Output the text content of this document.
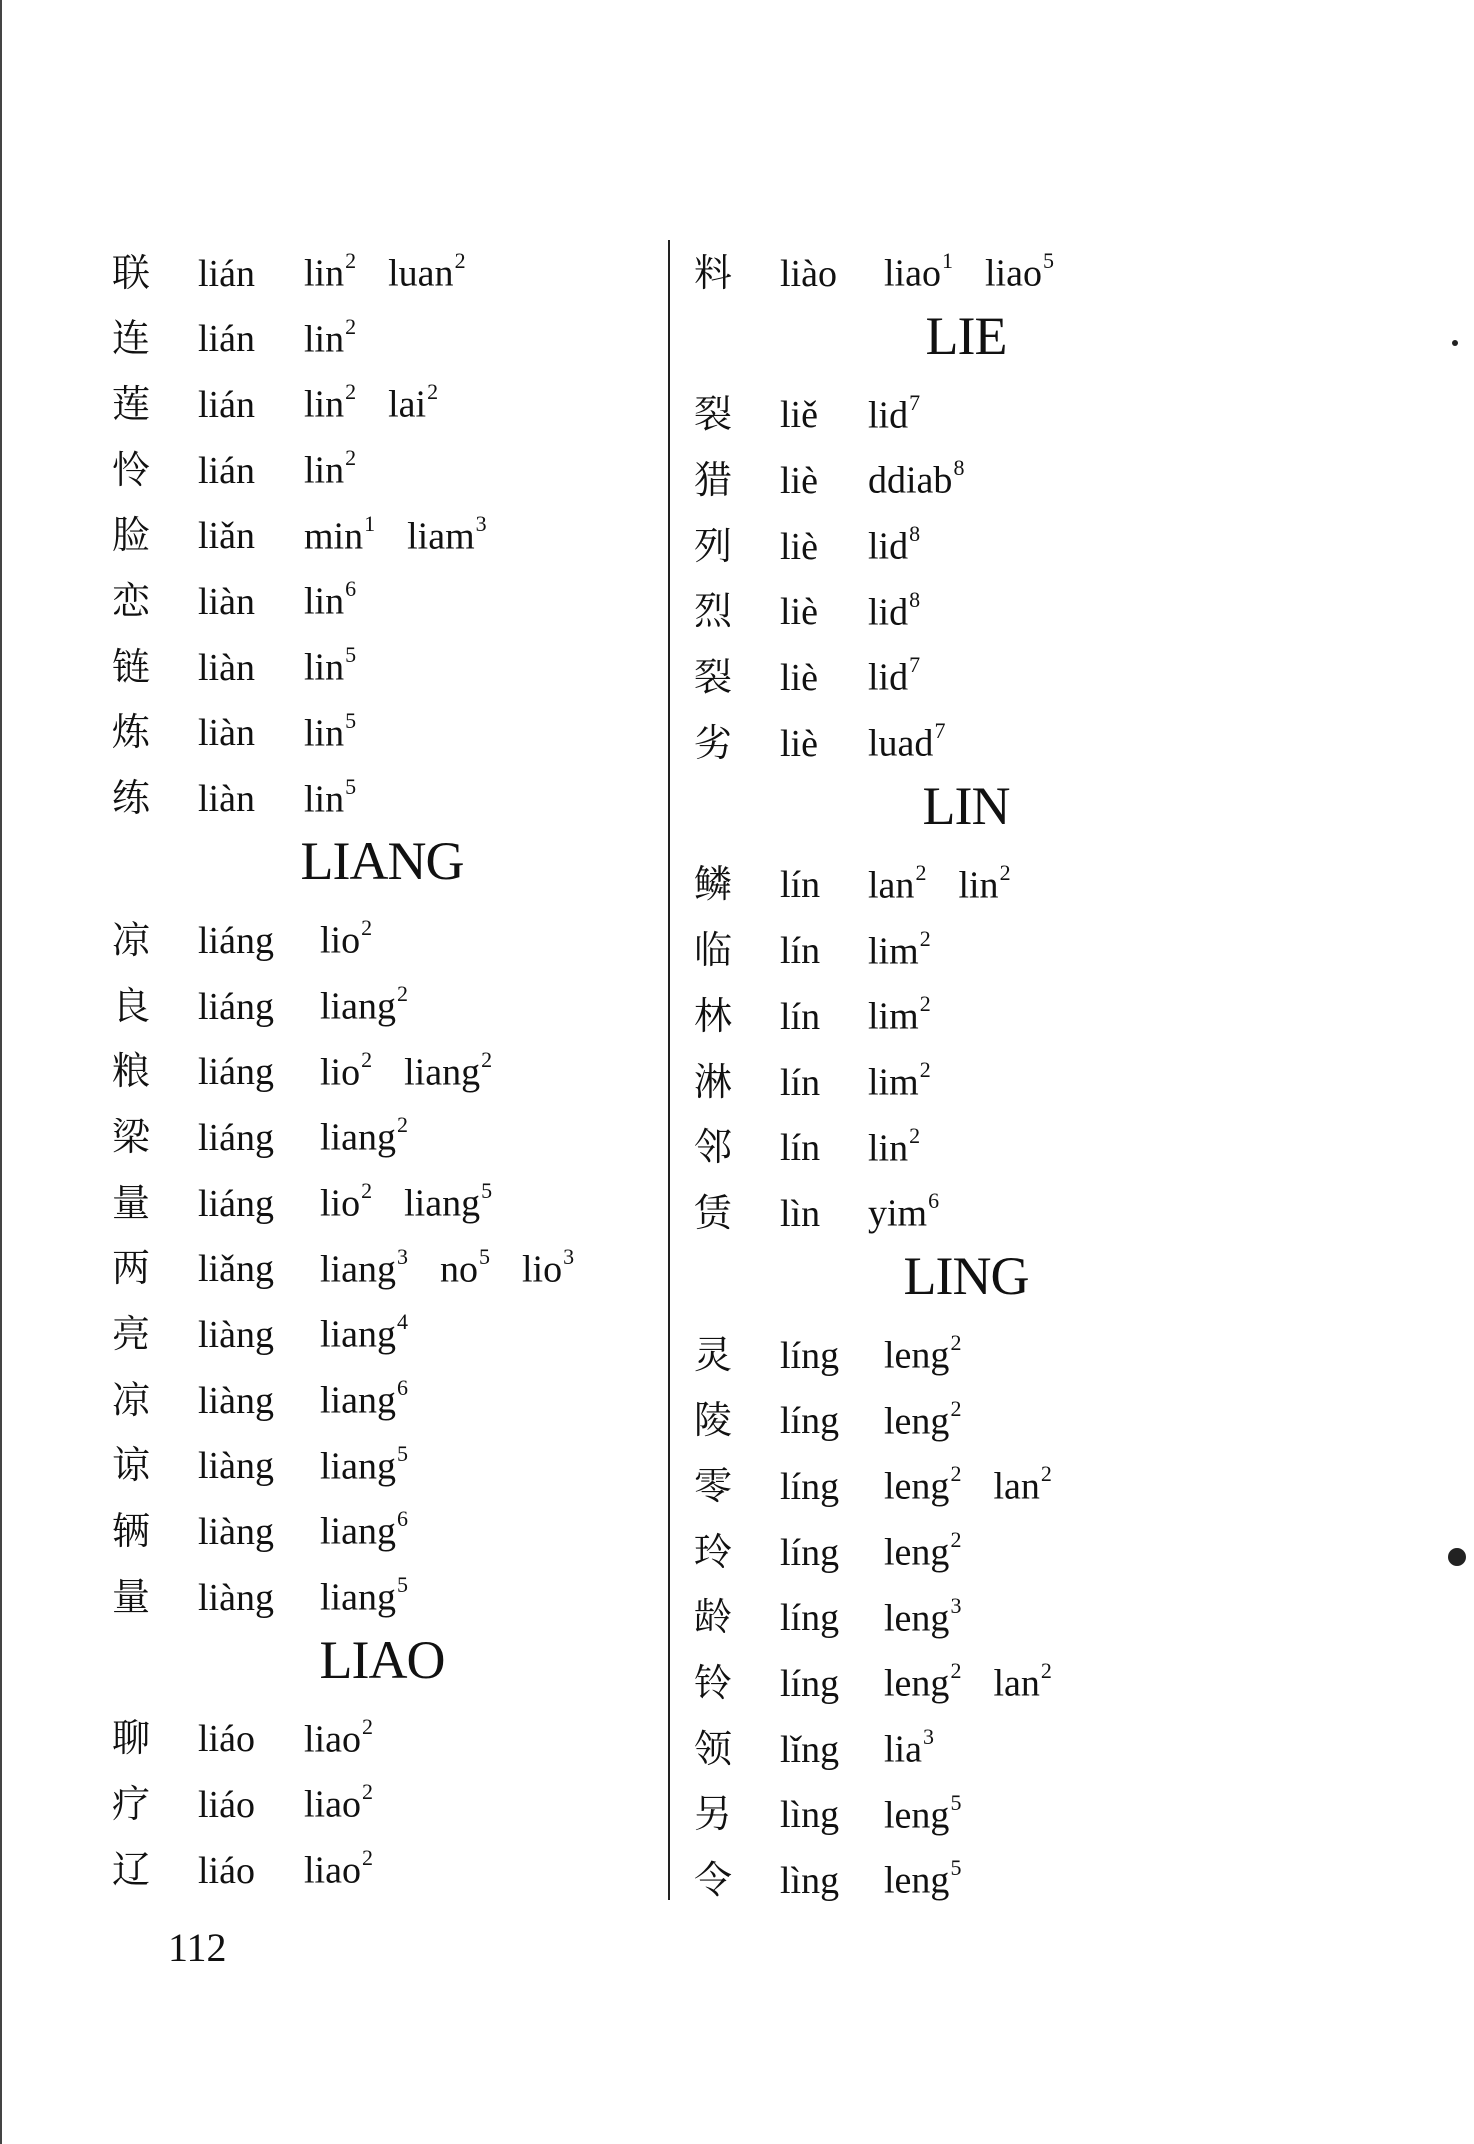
联	lián	lin$^2$ luan$^2$
连	lián	lin$^2$
莲	lián	lin$^2$ lai$^2$
怜	lián	lin$^2$
脸	liǎn	$\min^1$ liam$^3$
恋	liàn	lin$^6$
链	liàn	lin$^5$
炼	liàn	lin$^5$
练	liàn	lin$^5$
LIANG
凉	liáng	lio$^2$
良	liáng	liang$^2$
粮	liáng	lio$^2$ liang$^2$
梁	liáng	liang$^2$
量	liáng	lio$^2$ liang$^5$
两	liǎng	liang$^3$ $no^5$ lio$^3$
亮	liàng	liang$^4$
凉	liàng	liang$^6$
谅	liàng	liang$^5$
辆	liàng	liang$^6$
量	liàng	liang$^5$
LIAO
聊	liáo	liao$^2$
疗	liáo	liao$^2$
辽	liáo	liao$^2$
料	liào	liao$^1$ liao$^5$
LIE
裂	liě	lid$^7$
猎	liè	ddiab$^8$
列	liè	lid$^8$
烈	liè	lid$^8$
裂	liè	lid$^7$
劣	liè	luad$^7$
LIN
鳞	lín	lan$^2$ lin$^2$
临	lín	$\lim^2$
林	lín	$\lim^2$
淋	lín	$\lim^2$
邻	lín	lin$^2$
赁	lìn	yim$^6$
LING
灵	líng	leng$^2$
陵	líng	leng$^2$
零	líng	leng$^2$ lan$^2$
玲	líng	leng$^2$
龄	líng	leng$^3$
铃	líng	leng$^2$ lan$^2$
领	lǐng	lia$^3$
另	lìng	leng$^5$
令	lìng	leng$^5$
112
